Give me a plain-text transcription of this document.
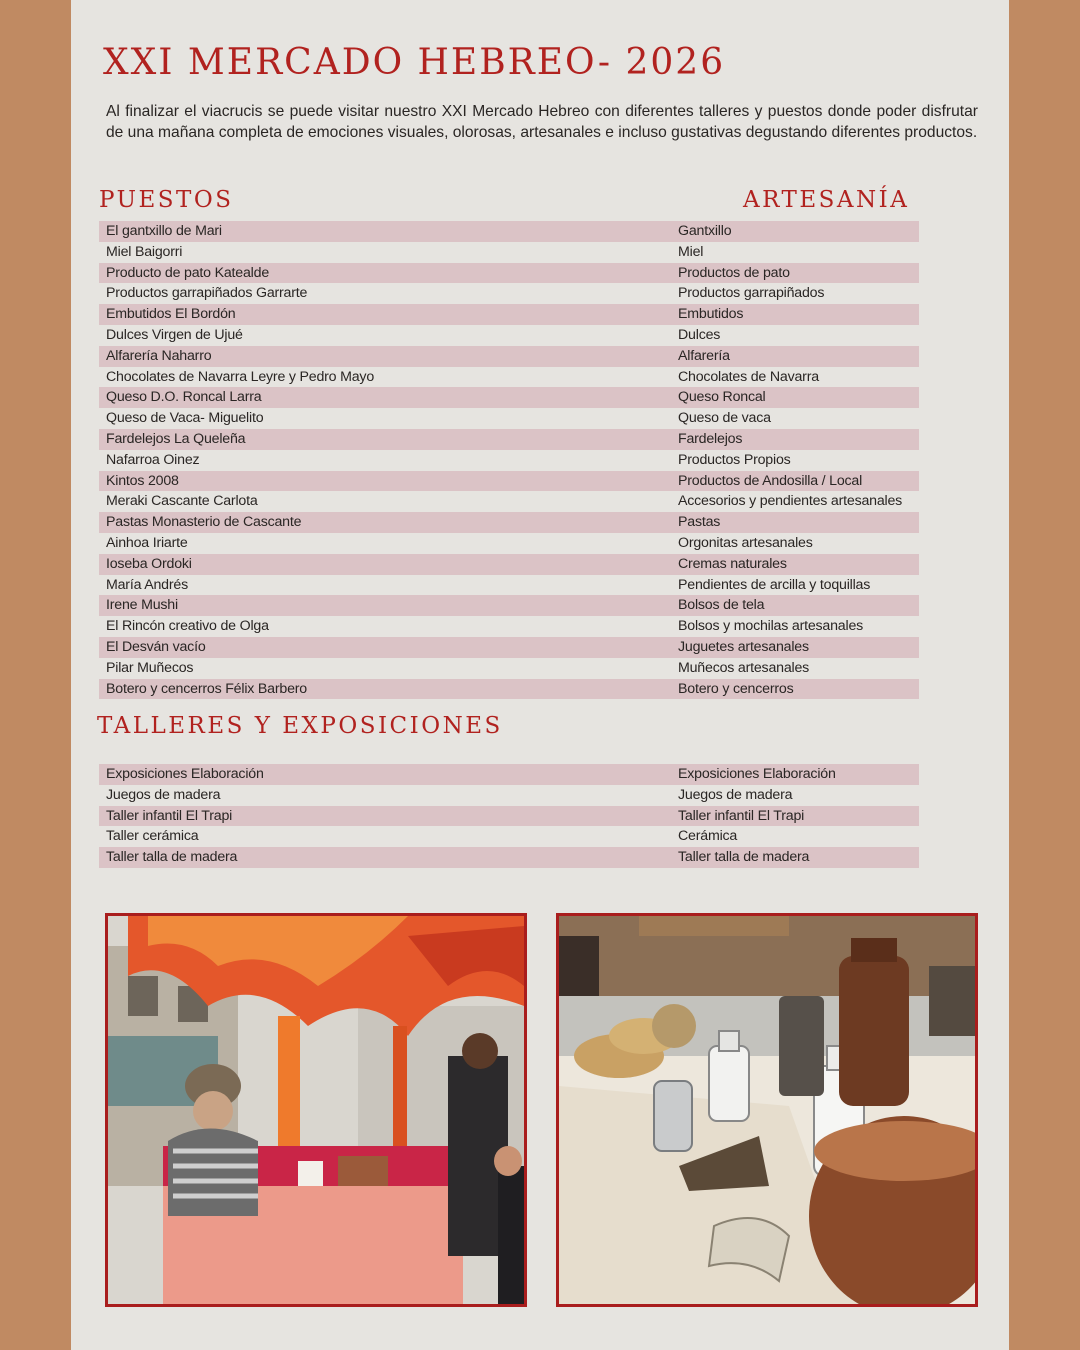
XXI MERCADO HEBREO- 2026

Al finalizar el viacrucis se puede visitar nuestro XXI Mercado Hebreo con diferentes talleres y puestos donde poder disfrutar de una mañana completa de emociones visuales, olorosas, artesanales e incluso gustativas degustando diferentes productos.

PUESTOS	ARTESANÍA
El gantxillo de Mari	Gantxillo
Miel Baigorri	Miel
Producto de pato Katealde	Productos de pato
Productos garrapiñados Garrarte	Productos garrapiñados
Embutidos El Bordón	Embutidos
Dulces Virgen de Ujué	Dulces
Alfarería Naharro	Alfarería
Chocolates de Navarra Leyre y Pedro Mayo	Chocolates de Navarra
Queso D.O. Roncal Larra	Queso Roncal
Queso de Vaca- Miguelito	Queso de vaca
Fardelejos La Queleña	Fardelejos
Nafarroa Oinez	Productos Propios
Kintos 2008	Productos de Andosilla / Local
Meraki Cascante Carlota	Accesorios y pendientes artesanales
Pastas Monasterio de Cascante	Pastas
Ainhoa Iriarte	Orgonitas artesanales
Ioseba Ordoki	Cremas naturales
María Andrés	Pendientes de arcilla y toquillas
Irene Mushi	Bolsos de tela
El Rincón creativo de Olga	Bolsos y mochilas artesanales
El Desván vacío	Juguetes artesanales
Pilar Muñecos	Muñecos artesanales
Botero y cencerros Félix Barbero	Botero y cencerros
TALLERES Y EXPOSICIONES
Exposiciones Elaboración	Exposiciones Elaboración
Juegos de madera	Juegos de madera
Taller infantil El Trapi	Taller infantil El Trapi
Taller cerámica	Cerámica
Taller talla de madera	Taller talla de madera
